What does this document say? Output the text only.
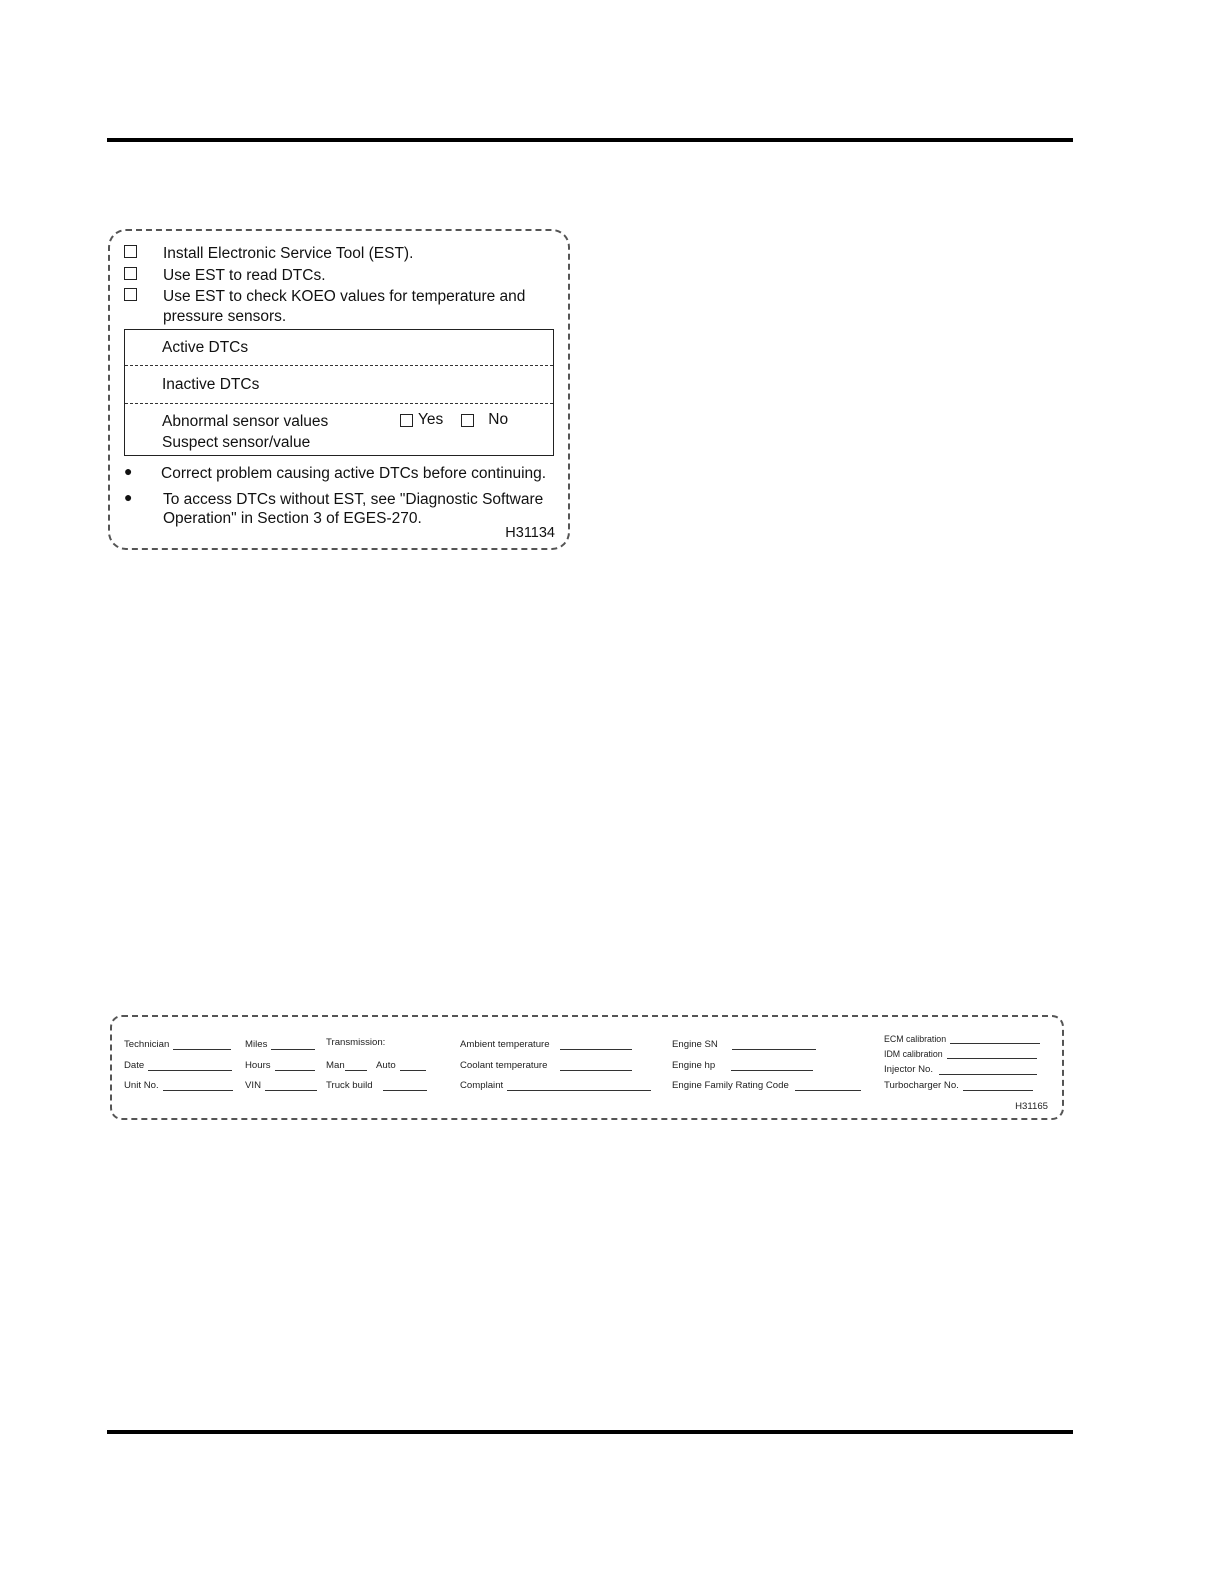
Install Electronic Service Tool (EST).
Use EST to read DTCs.
Use EST to check KOEO values for temperature and
pressure sensors.
Active DTCs
Inactive DTCs
Abnormal sensor values	Yes	No
Suspect sensor/value
● Correct problem causing active DTCs before continuing.
● To access DTCs without EST, see "Diagnostic Software
Operation" in Section 3 of EGES-270.
H31134
Technician
Date
Unit No.
Miles
Hours
VIN
Transmission:
Man	Auto
Truck build
Ambient temperature
Coolant temperature
Complaint
Engine SN
Engine hp
Engine Family Rating Code
ECM calibration
IDM calibration
Injector No.
Turbocharger No.
H31165
